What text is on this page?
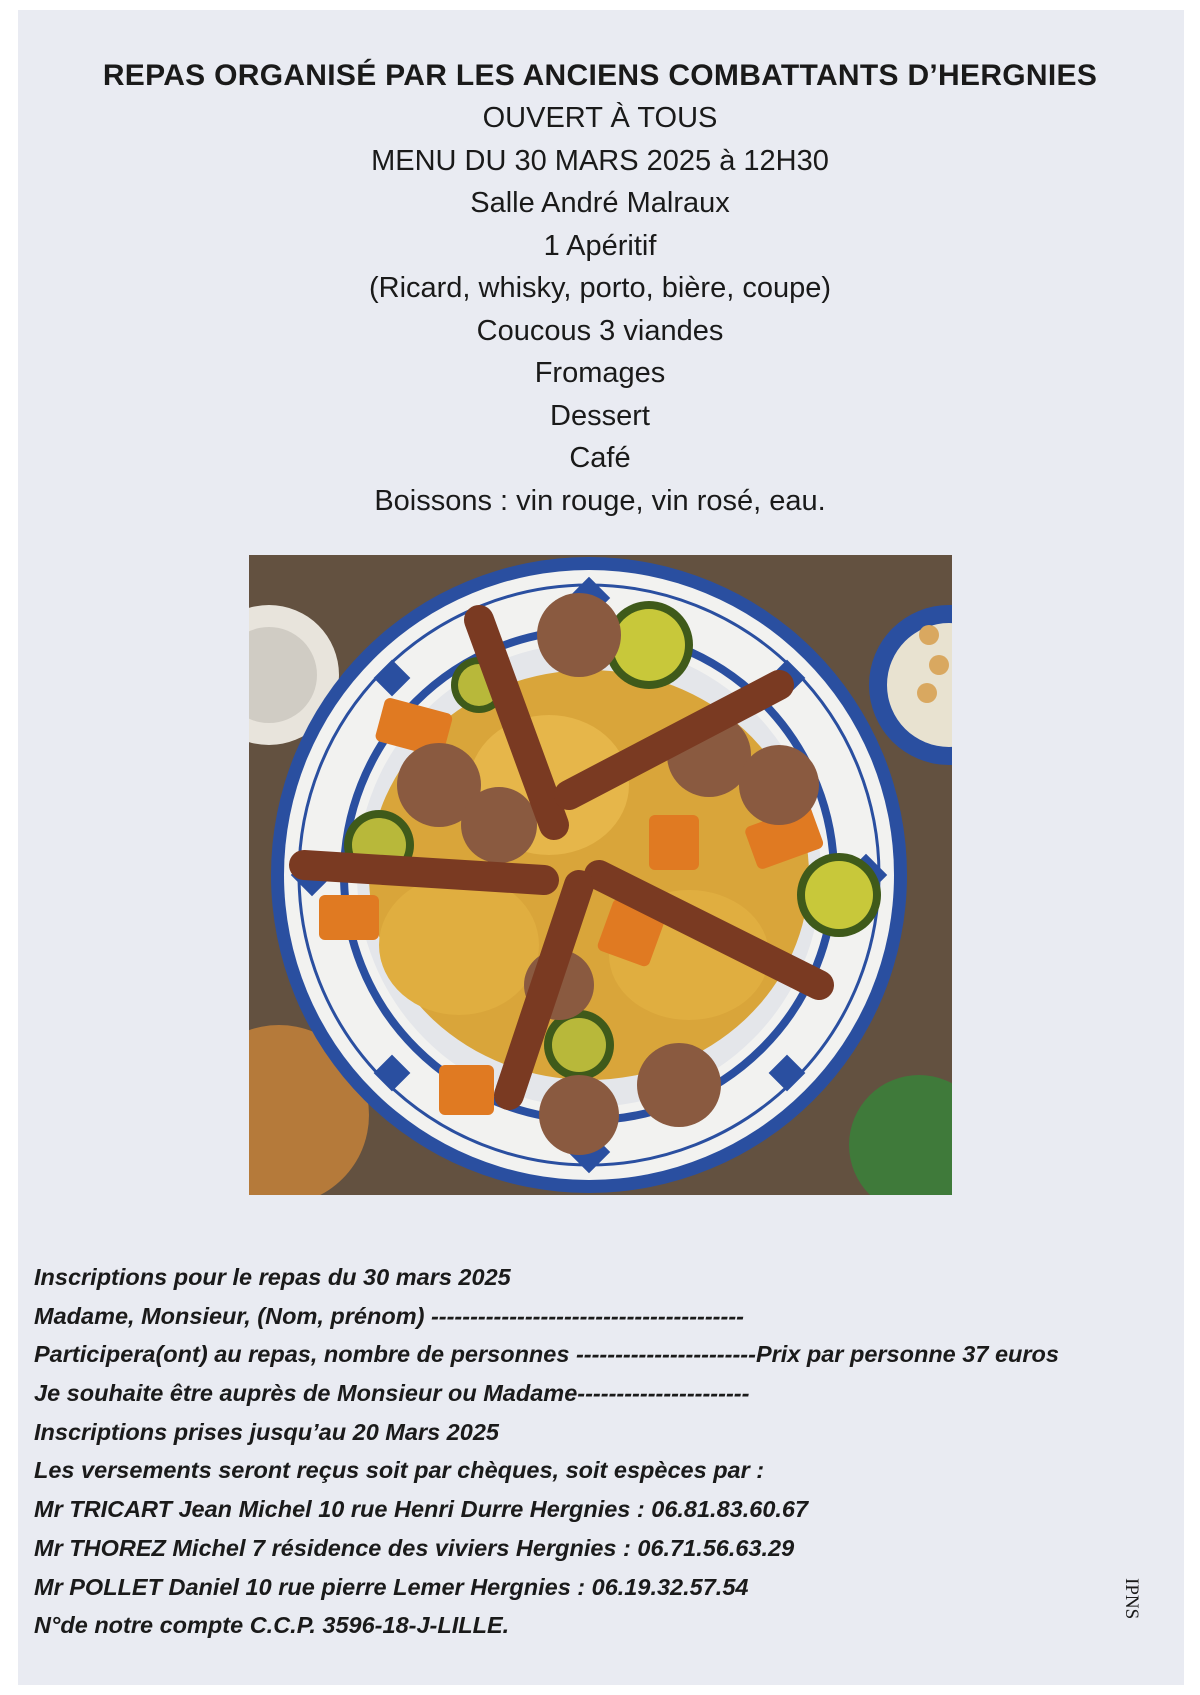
REPAS ORGANISÉ PAR LES ANCIENS COMBATTANTS D’HERGNIES
OUVERT À TOUS
MENU DU 30 MARS 2025 à 12H30
Salle André Malraux
1 Apéritif
(Ricard, whisky, porto, bière, coupe)
Coucous 3 viandes
Fromages
Dessert
Café
Boissons : vin rouge, vin rosé, eau.
Inscriptions pour le repas du 30 mars 2025
Madame, Monsieur, (Nom, prénom) ----------------------------------------
Participera(ont) au repas, nombre de personnes -----------------------Prix par personne 37 euros
Je souhaite être auprès de Monsieur ou Madame----------------------
Inscriptions prises jusqu’au 20 Mars 2025
Les versements seront reçus soit par chèques, soit espèces par :
Mr TRICART Jean Michel 10 rue Henri Durre Hergnies : 06.81.83.60.67
Mr THOREZ Michel 7 résidence des viviers Hergnies : 06.71.56.63.29
Mr POLLET Daniel 10 rue pierre Lemer Hergnies : 06.19.32.57.54
N°de notre compte C.C.P. 3596-18-J-LILLE.
IPNS
